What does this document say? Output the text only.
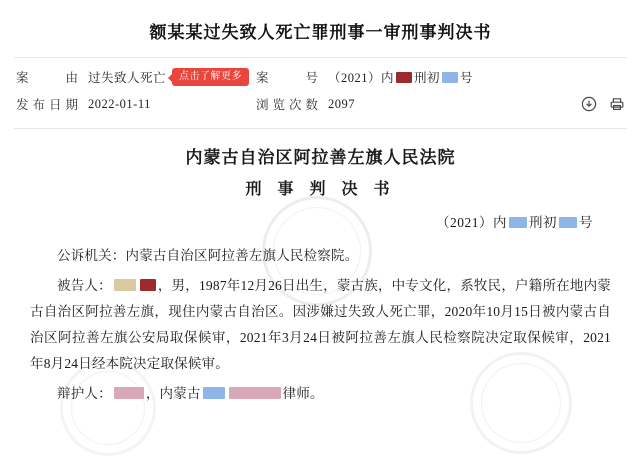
额某某过失致人死亡罪刑事一审刑事判决书
案　　由 过失致人死亡	点击了解更多	案　　号 （2021）内 刑初 号
发布日期 2022-01-11	浏览次数 2097
内蒙古自治区阿拉善左旗人民法院
刑 事 判 决 书
（2021）内 刑初 号

公诉机关：内蒙古自治区阿拉善左旗人民检察院。

被告人：	，男，1987年12月26日出生，蒙古族，中专文化，系牧民，户籍所在地内蒙古自治区阿拉善左旗，现住内蒙古自治区。因涉嫌过失致人死亡罪，2020年10月15日被内蒙古自治区阿拉善左旗公安局取保候审，2021年3月24日被阿拉善左旗人民检察院决定取保候审，2021年8月24日经本院决定取保候审。

辩护人：	，内蒙古	律师。
